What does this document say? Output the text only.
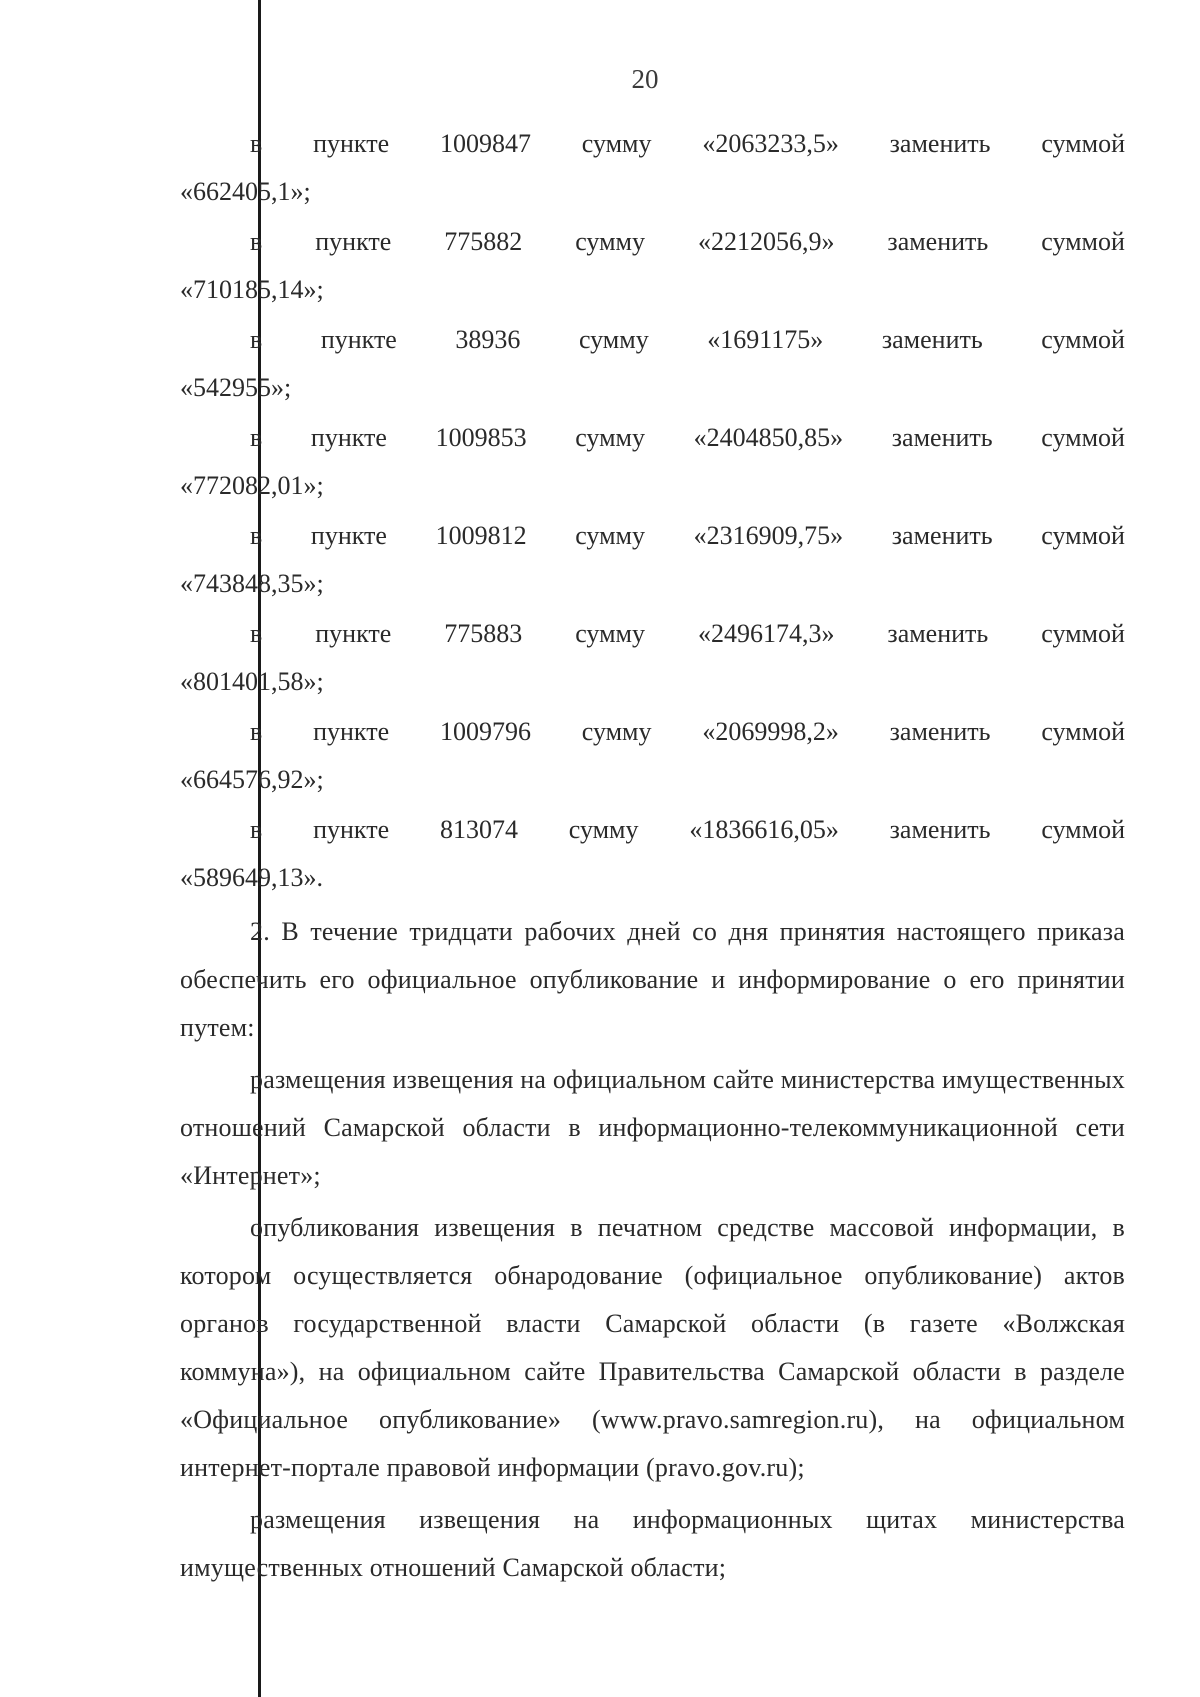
20
в пункте 1009847 сумму «2063233,5» заменить суммой
«662405,1»;
в пункте 775882 сумму «2212056,9» заменить суммой
«710185,14»;
в пункте 38936 сумму «1691175» заменить суммой
«542955»;
в пункте 1009853 сумму «2404850,85» заменить суммой
«772082,01»;
в пункте 1009812 сумму «2316909,75» заменить суммой
«743848,35»;
в пункте 775883 сумму «2496174,3» заменить суммой
«801401,58»;
в пункте 1009796 сумму «2069998,2» заменить суммой
«664576,92»;
в пункте 813074 сумму «1836616,05» заменить суммой
«589649,13».

2. В течение тридцати рабочих дней со дня принятия настоящего приказа обеспечить его официальное опубликование и информирование о его принятии путем:

размещения извещения на официальном сайте министерства имущественных отношений Самарской области в информационно-телекоммуникационной сети «Интернет»;

опубликования извещения в печатном средстве массовой информации, в котором осуществляется обнародование (официальное опубликование) актов органов государственной власти Самарской области (в газете «Волжская коммуна»), на официальном сайте Правительства Самарской области в разделе «Официальное опубликование» (www.pravo.samregion.ru), на официальном интернет-портале правовой информации (pravo.gov.ru);

размещения извещения на информационных щитах министерства имущественных отношений Самарской области;
